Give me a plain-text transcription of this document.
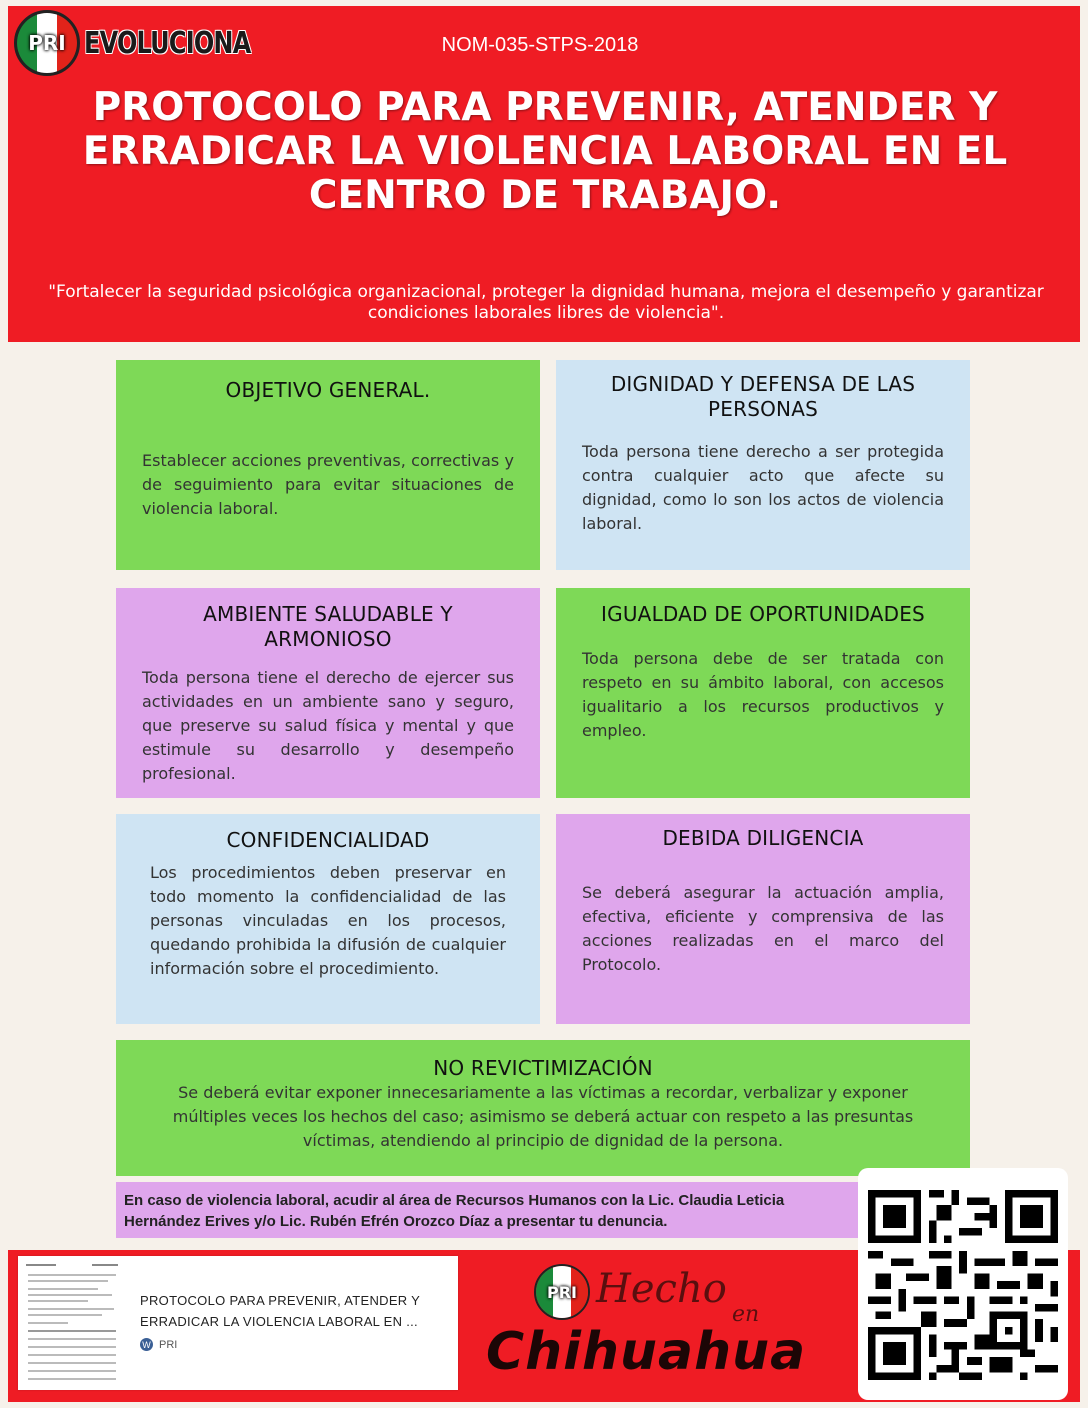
PRI EVOLUCIONA	NOM-035-STPS-2018
PROTOCOLO PARA PREVENIR, ATENDER Y ERRADICAR LA VIOLENCIA LABORAL EN EL CENTRO DE TRABAJO.
"Fortalecer la seguridad psicológica organizacional, proteger la dignidad humana, mejora el desempeño y garantizar condiciones laborales libres de violencia".
OBJETIVO GENERAL.

Establecer acciones preventivas, correctivas y de seguimiento para evitar situaciones de violencia laboral.

DIGNIDAD Y DEFENSA DE LAS PERSONAS

Toda persona tiene derecho a ser protegida contra cualquier acto que afecte su dignidad, como lo son los actos de violencia laboral.

AMBIENTE SALUDABLE Y ARMONIOSO

Toda persona tiene el derecho de ejercer sus actividades en un ambiente sano y seguro, que preserve su salud física y mental y que estimule su desarrollo y desempeño profesional.

IGUALDAD DE OPORTUNIDADES

Toda persona debe de ser tratada con respeto en su ámbito laboral, con accesos igualitario a los recursos productivos y empleo.

CONFIDENCIALIDAD

Los procedimientos deben preservar en todo momento la confidencialidad de las personas vinculadas en los procesos, quedando prohibida la difusión de cualquier información sobre el procedimiento.

DEBIDA DILIGENCIA

Se deberá asegurar la actuación amplia, efectiva, eficiente y comprensiva de las acciones realizadas en el marco del Protocolo.

NO REVICTIMIZACIÓN

Se deberá evitar exponer innecesariamente a las víctimas a recordar, verbalizar y exponer múltiples veces los hechos del caso; asimismo se deberá actuar con respeto a las presuntas víctimas, atendiendo al principio de dignidad de la persona.

En caso de violencia laboral, acudir al área de Recursos Humanos con la Lic. Claudia Leticia Hernández Erives y/o Lic. Rubén Efrén Orozco Díaz a presentar tu denuncia.
PROTOCOLO PARA PREVENIR, ATENDER Y ERRADICAR LA VIOLENCIA LABORAL EN ...
W PRI
PRI Hecho
en
Chihuahua
